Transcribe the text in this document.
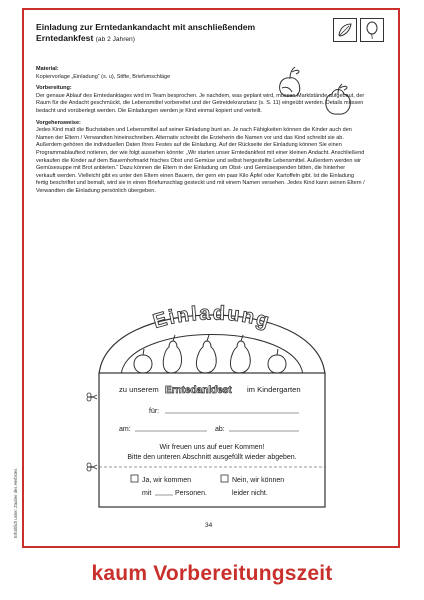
Einladung zur Erntedankandacht mit anschließendem Erntedankfest (ab 2 Jahren)

Material:

Kopiervorlage „Einladung“ (s. u), Stifte, Briefumschläge

Vorbereitung:

Der genaue Ablauf des Erntedanktages wird im Team besprochen. Je nachdem, was geplant wird, müssen Marktstände aufgebaut, der Raum für die Andacht geschmückt, die Lebensmittel vorbereitet und der Getreidekranztanz (s. S. 11) eingeübt werden. Details müssen bedacht und vorüberlegt werden. Die Einladungen werden je Kind einmal kopiert und verteilt.

Vorgehensweise:

Jedes Kind malt die Buchstaben und Lebensmittel auf seiner Einladung bunt an. Je nach Fähigkeiten können die Kinder auch den Namen der Eltern / Verwandten hineinschreiben. Alternativ schreibt die Erzieherin die Namen vor und das Kind schreibt sie ab. Außerdem gehören die individuellen Daten Ihres Festes auf die Einladung. Auf der Rückseite der Einladung können Sie einen Programmablauftext notieren, der wie folgt aussehen könnte: „Wir starten unser Erntedankfest mit einer kleinen Andacht. Anschließend verkaufen die Kinder auf dem Bauernhofmarkt frisches Obst und Gemüse und selbst hergestellte Lebensmittel. Außerdem werden wir Gemüsesuppe mit Brot anbieten.“ Dazu können die Eltern in der Einladung um Obst- und Gemüsespenden bitten, die hinterher verkauft werden. Vielleicht gibt es unter den Eltern einen Bauern, der gern ein paar Kilo Äpfel oder Kartoffeln gibt. Ist die Einladung fertig beschriftet und bemalt, wird sie in einen Briefumschlag gesteckt und mit einem Namen versehen. Jedes Kind kann seinen Eltern / Verwandten die Einladung persönlich übergeben.

Einladung
zu unserem Erntedankfest im Kindergarten
für:
am:	ab:
Wir freuen uns auf euer Kommen!
Bitte den unteren Abschnitt ausgefüllt wieder abgeben.
Ja, wir kommen
mit	Personen.
Nein, wir können
leider nicht.
Erhältlich unter: Zauber des Herbstes	34
kaum Vorbereitungszeit
